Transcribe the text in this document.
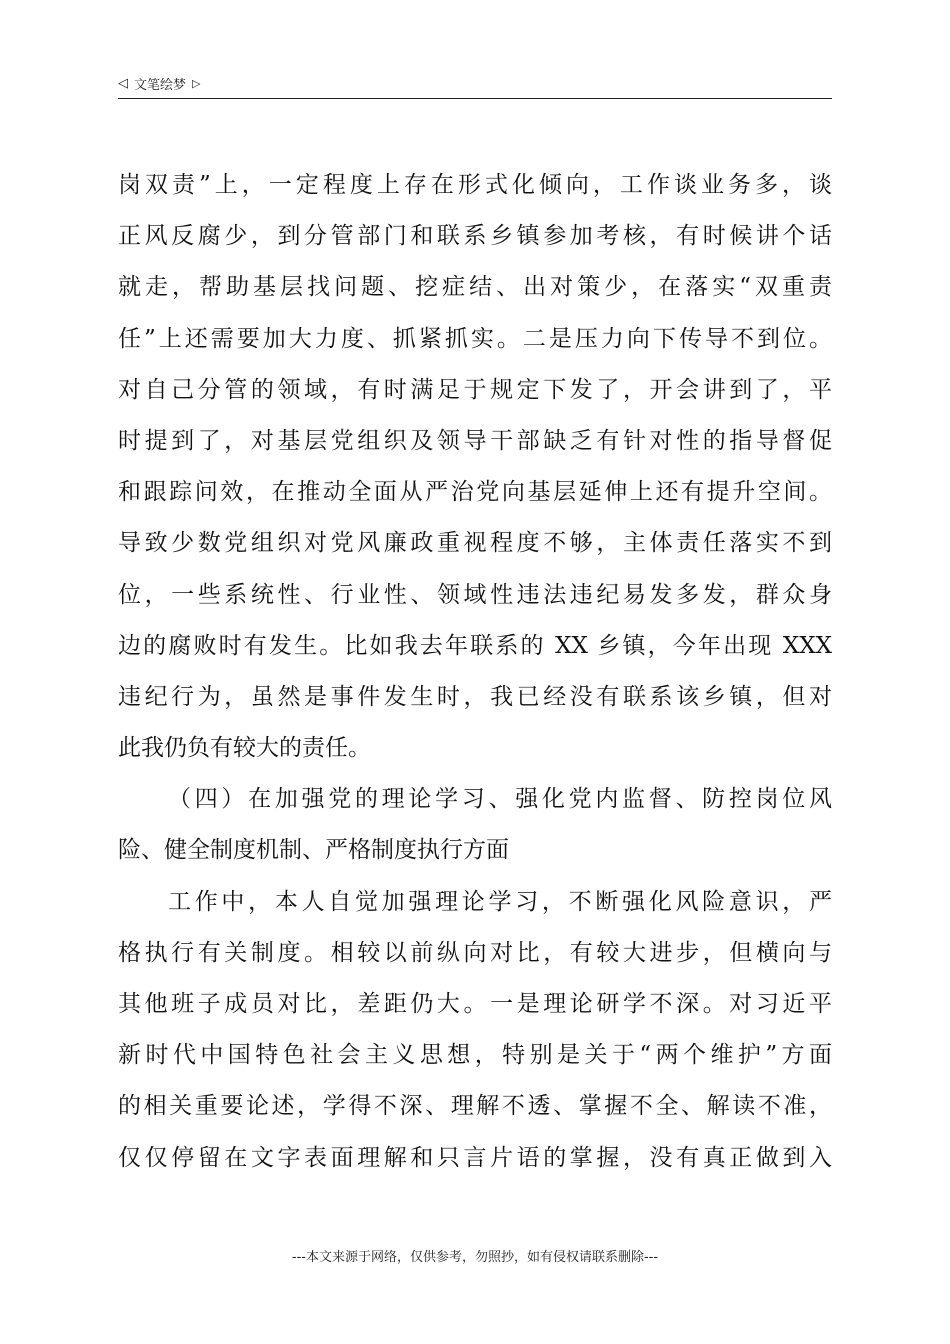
◁ 文笔绘梦 ▷
岗双责”上，一定程度上存在形式化倾向，工作谈业务多，谈
正风反腐少，到分管部门和联系乡镇参加考核，有时候讲个话
就走，帮助基层找问题、挖症结、出对策少，在落实“双重责
任”上还需要加大力度、抓紧抓实。二是压力向下传导不到位。
对自己分管的领域，有时满足于规定下发了，开会讲到了，平
时提到了，对基层党组织及领导干部缺乏有针对性的指导督促
和跟踪问效，在推动全面从严治党向基层延伸上还有提升空间。
导致少数党组织对党风廉政重视程度不够，主体责任落实不到
位，一些系统性、行业性、领域性违法违纪易发多发，群众身
边的腐败时有发生。比如我去年联系的 XX 乡镇，今年出现 XXX
违纪行为，虽然是事件发生时，我已经没有联系该乡镇，但对
此我仍负有较大的责任。
（四）在加强党的理论学习、强化党内监督、防控岗位风
险、健全制度机制、严格制度执行方面
工作中，本人自觉加强理论学习，不断强化风险意识，严
格执行有关制度。相较以前纵向对比，有较大进步，但横向与
其他班子成员对比，差距仍大。一是理论研学不深。对习近平
新时代中国特色社会主义思想，特别是关于“两个维护”方面
的相关重要论述，学得不深、理解不透、掌握不全、解读不准，
仅仅停留在文字表面理解和只言片语的掌握，没有真正做到入
---本文来源于网络，仅供参考，勿照抄，如有侵权请联系删除---
